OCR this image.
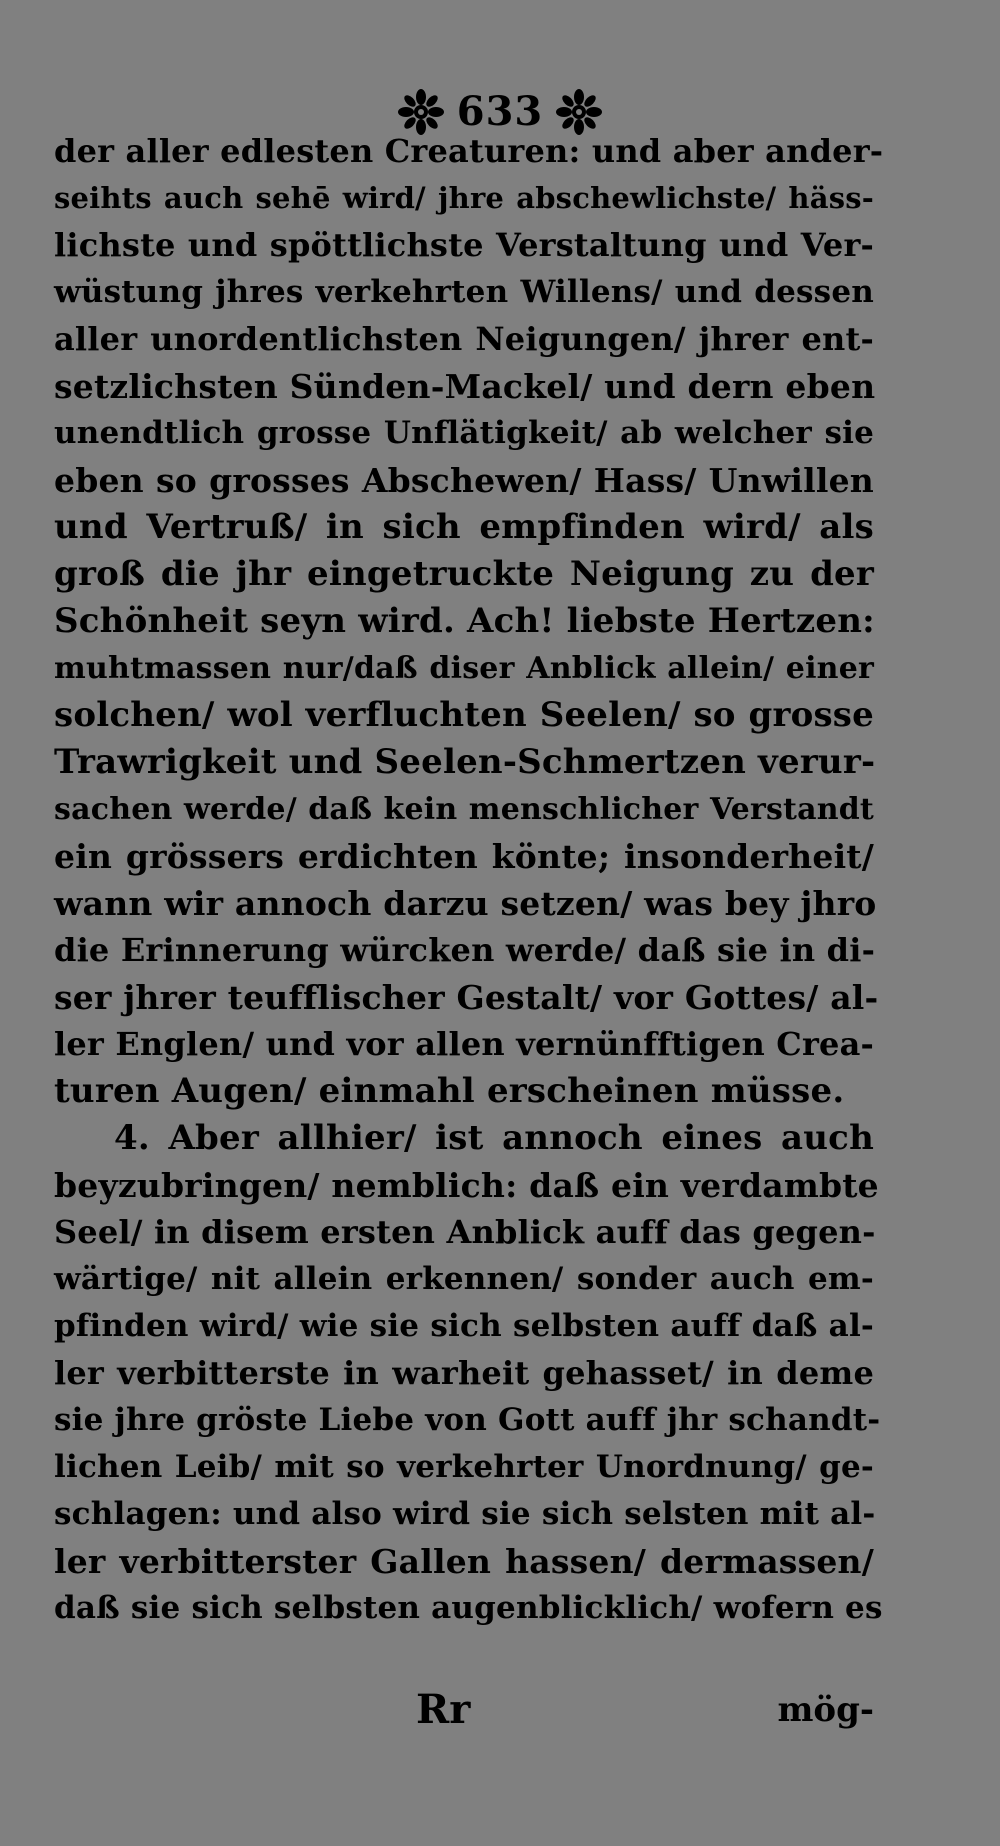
633
der aller edlesten Creaturen: und aber ander-
seihts auch sehē wird/ jhre abschewlichste/ häss-
lichste und spöttlichste Verstaltung und Ver-
wüstung jhres verkehrten Willens/ und dessen
aller unordentlichsten Neigungen/ jhrer ent-
setzlichsten Sünden-Mackel/ und dern eben
unendtlich grosse Unflätigkeit/ ab welcher sie
eben so grosses Abschewen/ Hass/ Unwillen
und Vertruß/ in sich empfinden wird/ als
groß die jhr eingetruckte Neigung zu der
Schönheit seyn wird. Ach! liebste Hertzen:
muhtmassen nur/daß diser Anblick allein/ einer
solchen/ wol verfluchten Seelen/ so grosse
Trawrigkeit und Seelen-Schmertzen verur-
sachen werde/ daß kein menschlicher Verstandt
ein grössers erdichten könte; insonderheit/
wann wir annoch darzu setzen/ was bey jhro
die Erinnerung würcken werde/ daß sie in di-
ser jhrer teufflischer Gestalt/ vor Gottes/ al-
ler Englen/ und vor allen vernünfftigen Crea-
turen Augen/ einmahl erscheinen müsse.
4. Aber allhier/ ist annoch eines auch
beyzubringen/ nemblich: daß ein verdambte
Seel/ in disem ersten Anblick auff das gegen-
wärtige/ nit allein erkennen/ sonder auch em-
pfinden wird/ wie sie sich selbsten auff daß al-
ler verbitterste in warheit gehasset/ in deme
sie jhre gröste Liebe von Gott auff jhr schandt-
lichen Leib/ mit so verkehrter Unordnung/ ge-
schlagen: und also wird sie sich selsten mit al-
ler verbitterster Gallen hassen/ dermassen/
daß sie sich selbsten augenblicklich/ wofern es
Rr	mög-
